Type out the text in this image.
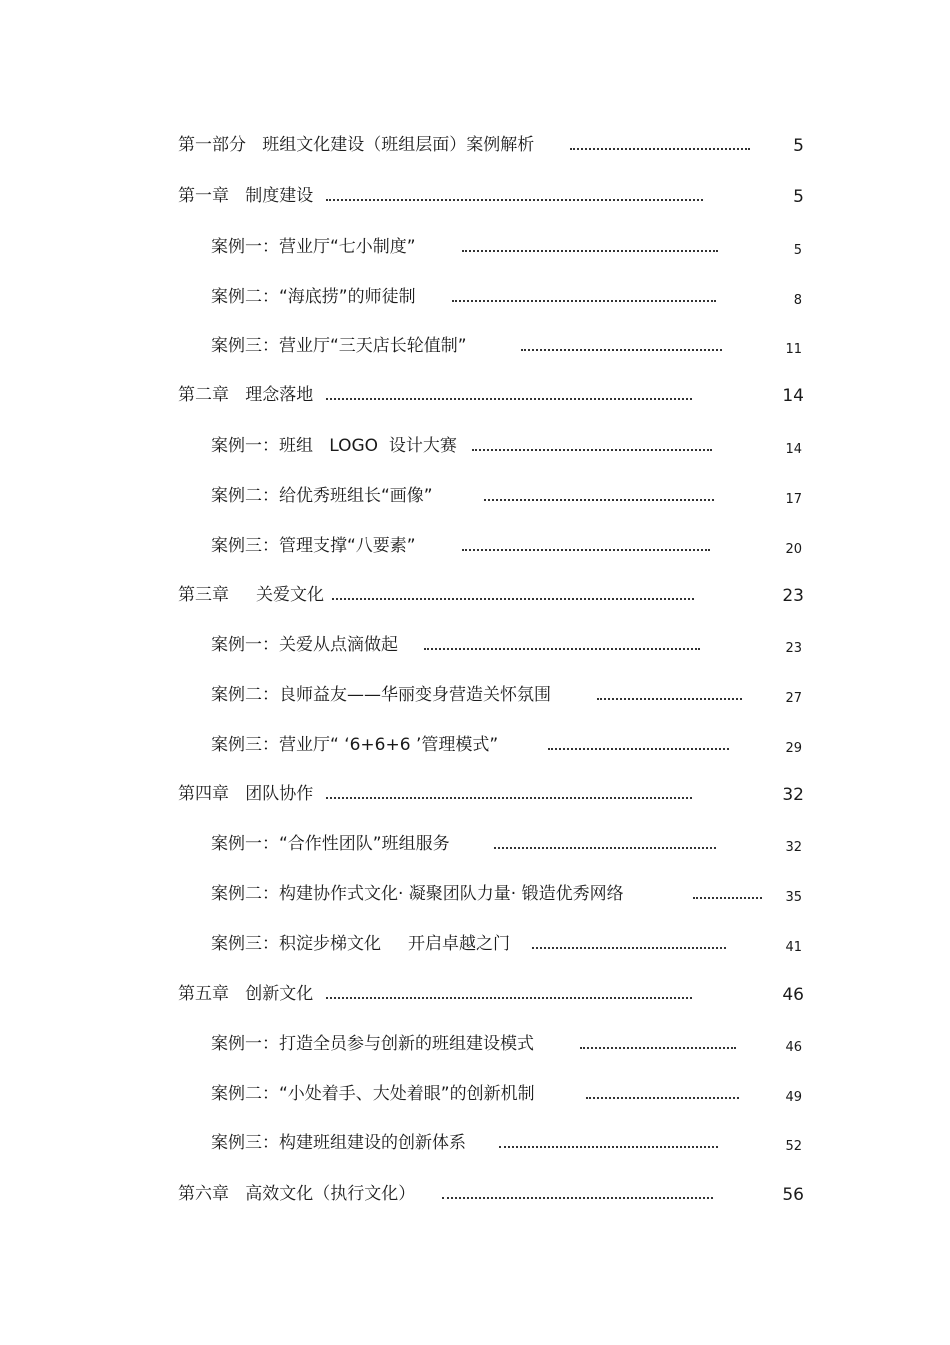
第一部分   班组文化建设（班组层面）案例解析	5
第一章   制度建设	5
案例一：营业厅“七小制度”	5
案例二：“海底捞”的师徒制	8
案例三：营业厅“三天店长轮值制”	11
第二章   理念落地	14
案例一：班组   LOGO  设计大赛	14
案例二：给优秀班组长“画像”	17
案例三：管理支撑“八要素”	20
第三章     关爱文化	23
案例一：关爱从点滴做起	23
案例二：良师益友——华丽变身营造关怀氛围	27
案例三：营业厅“ ‘6+6+6 ’管理模式”	29
第四章   团队协作	32
案例一：“合作性团队”班组服务	32
案例二：构建协作式文化· 凝聚团队力量· 锻造优秀网络	35
案例三：积淀步梯文化     开启卓越之门	41
第五章   创新文化	46
案例一：打造全员参与创新的班组建设模式	46
案例二：“小处着手、大处着眼”的创新机制	49
案例三：构建班组建设的创新体系	52
第六章   高效文化（执行文化）	56
